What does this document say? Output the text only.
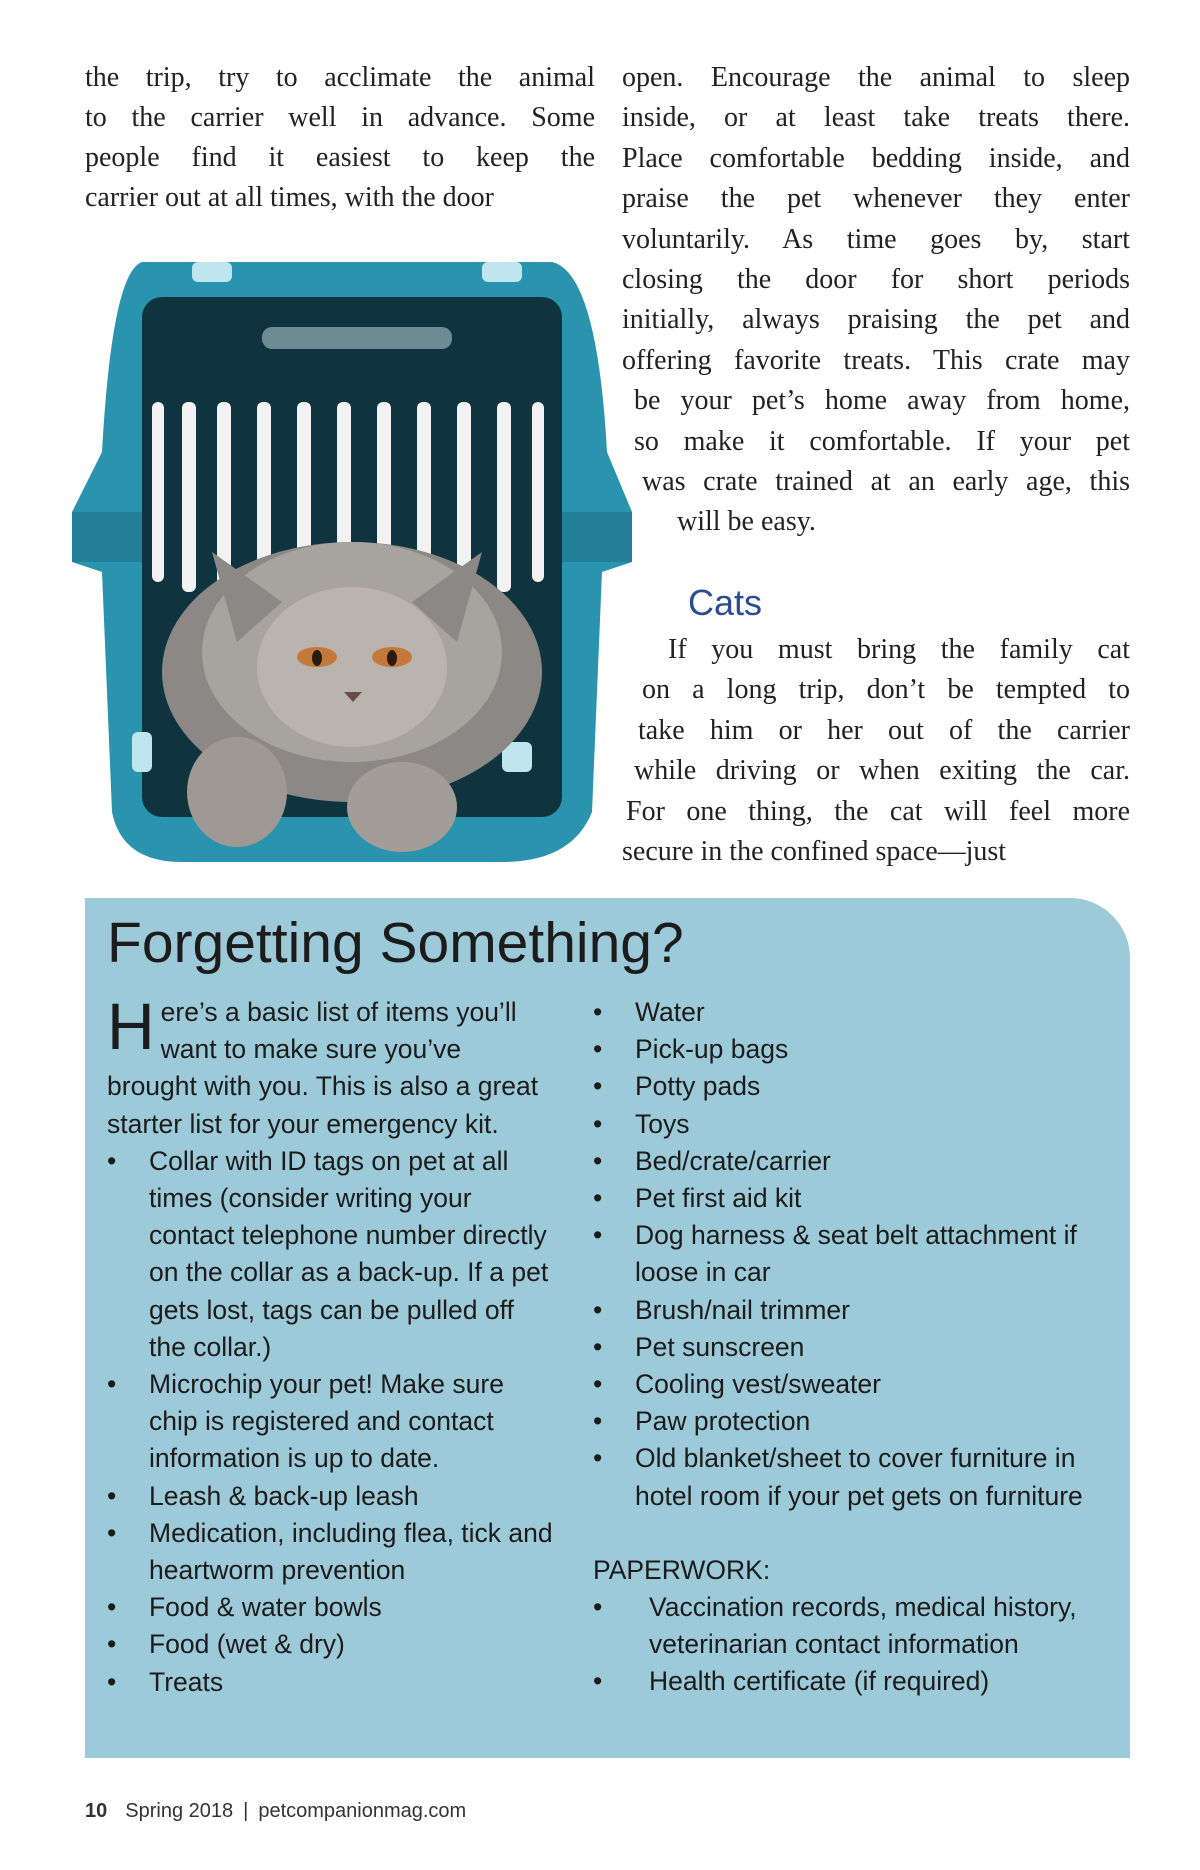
the trip, try to acclimate the animal
to the carrier well in advance. Some
people find it easiest to keep the
carrier out at all times, with the door
open. Encourage the animal to sleep
inside, or at least take treats there.
Place comfortable bedding inside, and
praise the pet whenever they enter
voluntarily. As time goes by, start
closing the door for short periods
initially, always praising the pet and
offering favorite treats. This crate may
be your pet’s home away from home,
so make it comfortable. If your pet
was crate trained at an early age, this
will be easy.
Cats
If you must bring the family cat
on a long trip, don’t be tempted to
take him or her out of the carrier
while driving or when exiting the car.
For one thing, the cat will feel more
secure in the confined space—just
Forgetting Something?

Here’s a basic list of items you’ll want to make sure you’ve brought with you. This is also a great starter list for your emergency kit.

• Collar with ID tags on pet at all times (consider writing your contact telephone number directly on the collar as a back-up. If a pet gets lost, tags can be pulled off the collar.)
• Microchip your pet! Make sure chip is registered and contact information is up to date.
• Leash & back-up leash
• Medication, including flea, tick and heartworm prevention
• Food & water bowls
• Food (wet & dry)
• Treats
• Water
• Pick-up bags
• Potty pads
• Toys
• Bed/crate/carrier
• Pet first aid kit
• Dog harness & seat belt attachment if loose in car
• Brush/nail trimmer
• Pet sunscreen
• Cooling vest/sweater
• Paw protection
• Old blanket/sheet to cover furniture in hotel room if your pet gets on furniture

PAPERWORK:

• Vaccination records, medical history, veterinarian contact information
• Health certificate (if required)
10 Spring 2018 | petcompanionmag.com
